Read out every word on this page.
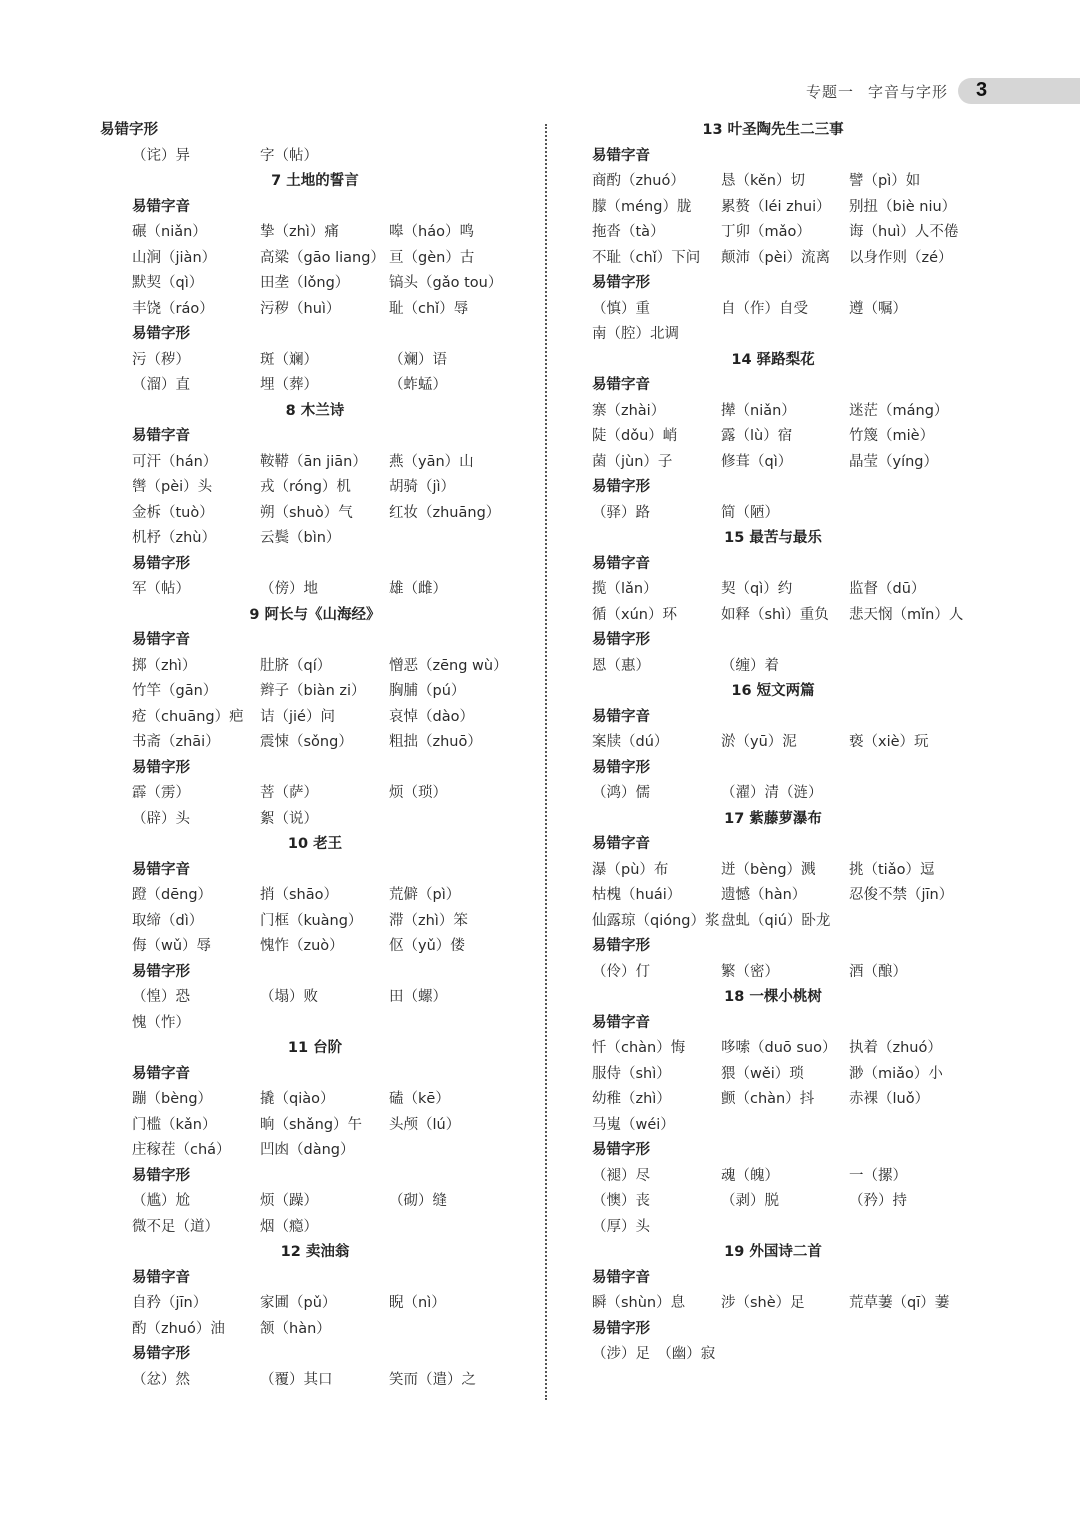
专题一 字音与字形 3
易错字形
（诧）异	字（帖）
7 土地的誓言
易错字音
碾（niǎn）	挚（zhì）痛	嗥（háo）鸣
山涧（jiàn）	高粱（gāo liang） 亘（gèn）古
默契（qì）	田垄（lǒng）	镐头（gǎo tou）
丰饶（ráo）	污秽（huì）	耻（chǐ）辱
易错字形
污（秽）	斑（斓）	（斓）语
（溜）直	埋（葬）	（蚱蜢）
8 木兰诗
易错字音
可汗（hán）	鞍鞯（ān jiān） 燕（yān）山
辔（pèi）头	戎（róng）机	胡骑（jì）
金柝（tuò）	朔（shuò）气 红妆（zhuāng）
机杼（zhù）	云鬓（bìn）
易错字形
军（帖）	（傍）地	雄（雌）
9 阿长与《山海经》
易错字音
掷（zhì）	肚脐（qí）	憎恶（zēng wù）
竹竿（gān）	辫子（biàn zi） 胸脯（pú）
疮（chuāng）疤 诘（jié）问	哀悼（dào）
书斋（zhāi）	震悚（sǒng） 粗拙（zhuō）
易错字形
霹（雳）	菩（萨）	烦（琐）
（辟）头	絮（说）
10 老王
易错字音
蹬（dēng）	捎（shāo）	荒僻（pì）
取缔（dì）	门框（kuàng） 滞（zhì）笨
侮（wǔ）辱	愧怍（zuò）	伛（yǔ）偻
易错字形
（惶）恐	（塌）败	田（螺）
愧（怍）
11 台阶
易错字音
蹦（bèng）	撬（qiào）	磕（kē）
门槛（kǎn）	晌（shǎng）午 头颅（lú）
庄稼茬（chá） 凹凼（dàng）
易错字形
（尴）尬	烦（躁）	（砌）缝
微不足（道）	烟（瘾）
12 卖油翁
易错字音
自矜（jīn）	家圃（pǔ）	睨（nì）
酌（zhuó）油 颔（hàn）
易错字形
（忿）然	（覆）其口	笑而（遣）之
13 叶圣陶先生二三事
易错字音
商酌（zhuó） 恳（kěn）切	譬（pì）如
朦（méng）胧 累赘（léi zhui） 别扭（biè niu）
拖沓（tà）	丁卯（mǎo）	诲（huì）人不倦
不耻（chǐ）下问 颠沛（pèi）流离 以身作则（zé）
易错字形
（慎）重	自（作）自受	遵（嘱）
南（腔）北调
14 驿路梨花
易错字音
寨（zhài）	撵（niǎn）	迷茫（máng）
陡（dǒu）峭	露（lù）宿	竹篾（miè）
菌（jùn）子	修葺（qì）	晶莹（yíng）
易错字形
（驿）路	简（陋）
15 最苦与最乐
易错字音
揽（lǎn）	契（qì）约	监督（dū）
循（xún）环	如释（shì）重负 悲天悯（mǐn）人
易错字形
恩（惠）	（缠）着
16 短文两篇
易错字音
案牍（dú）	淤（yū）泥	亵（xiè）玩
易错字形
（鸿）儒	（濯）清（涟）
17 紫藤萝瀑布
易错字音
瀑（pù）布	迸（bèng）溅 挑（tiǎo）逗
枯槐（huái）	遗憾（hàn）	忍俊不禁（jīn）
仙露琼（qióng）浆 盘虬（qiú）卧龙
易错字形
（伶）仃	繁（密）	酒（酿）
18 一棵小桃树
易错字音
忏（chàn）悔 哆嗦（duō suo） 执着（zhuó）
服侍（shì）	猥（wěi）琐	渺（miǎo）小
幼稚（zhì）	颤（chàn）抖 赤裸（luǒ）
马嵬（wéi）
易错字形
（褪）尽	魂（魄）	一（摞）
（懊）丧	（剥）脱	（矜）持
（厚）头
19 外国诗二首
易错字音
瞬（shùn）息 涉（shè）足	荒草萋（qī）萋
易错字形
（涉）足　（幽）寂
